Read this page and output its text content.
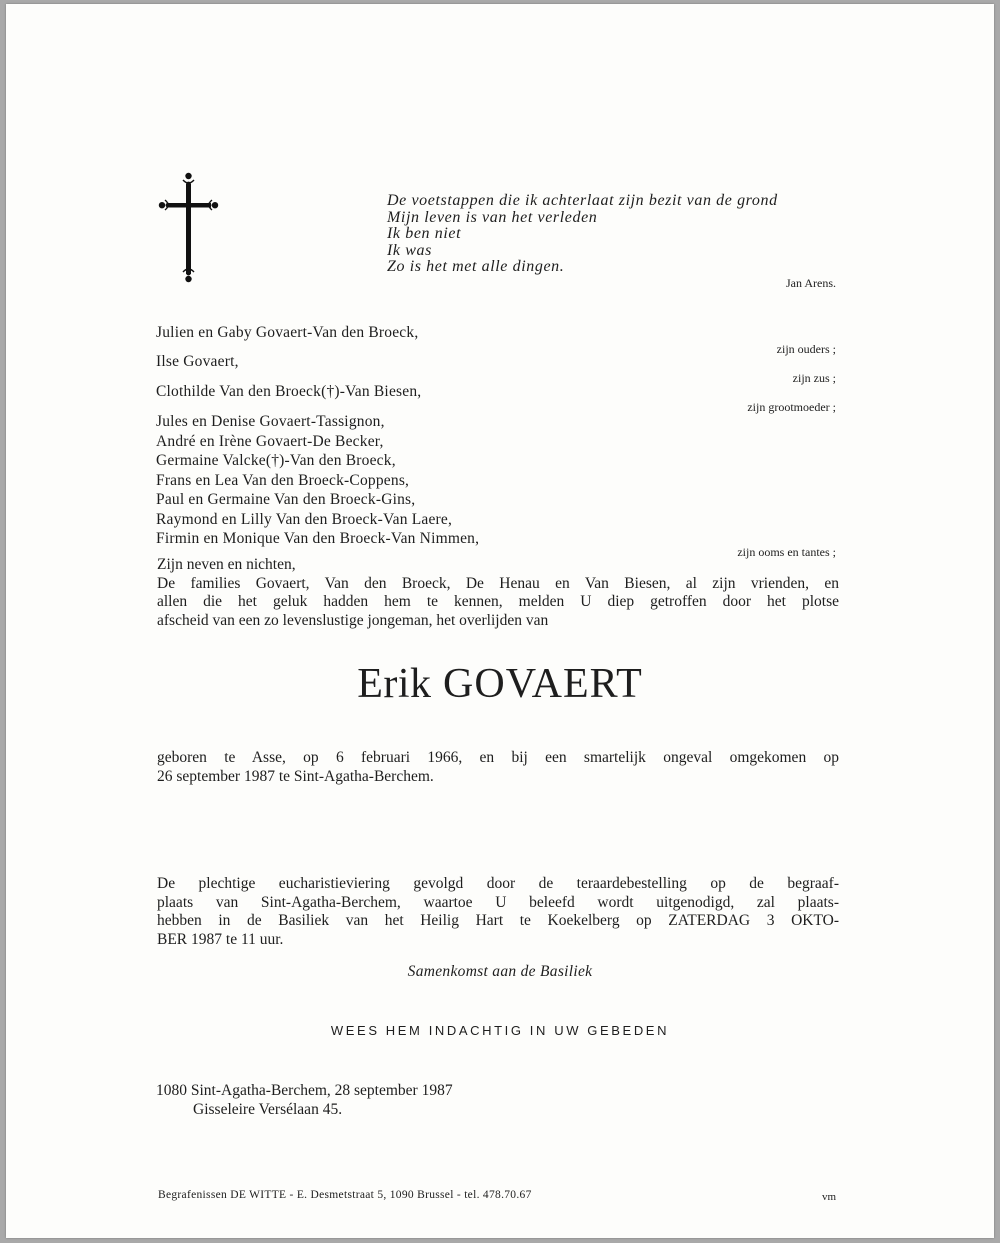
De voetstappen die ik achterlaat zijn bezit van de grond
Mijn leven is van het verleden
Ik ben niet
Ik was
Zo is het met alle dingen.
Jan Arens.
Julien en Gaby Govaert-Van den Broeck,
zijn ouders ;
Ilse Govaert,
zijn zus ;
Clothilde Van den Broeck(†)-Van Biesen,
zijn grootmoeder ;
Jules en Denise Govaert-Tassignon,
André en Irène Govaert-De Becker,
Germaine Valcke(†)-Van den Broeck,
Frans en Lea Van den Broeck-Coppens,
Paul en Germaine Van den Broeck-Gins,
Raymond en Lilly Van den Broeck-Van Laere,
Firmin en Monique Van den Broeck-Van Nimmen,
zijn ooms en tantes ;
Zijn neven en nichten,
De families Govaert, Van den Broeck, De Henau en Van Biesen, al zijn vrienden, en
allen die het geluk hadden hem te kennen, melden U diep getroffen door het plotse
afscheid van een zo levenslustige jongeman, het overlijden van
Erik GOVAERT
geboren te Asse, op 6 februari 1966, en bij een smartelijk ongeval omgekomen op
26 september 1987 te Sint-Agatha-Berchem.
De plechtige eucharistieviering gevolgd door de teraardebestelling op de begraaf-
plaats van Sint-Agatha-Berchem, waartoe U beleefd wordt uitgenodigd, zal plaats-
hebben in de Basiliek van het Heilig Hart te Koekelberg op ZATERDAG 3 OKTO-
BER 1987 te 11 uur.
Samenkomst aan de Basiliek
WEES HEM INDACHTIG IN UW GEBEDEN
1080 Sint-Agatha-Berchem, 28 september 1987
Gisseleire Versélaan 45.
Begrafenissen DE WITTE - E. Desmetstraat 5, 1090 Brussel - tel. 478.70.67	vm
